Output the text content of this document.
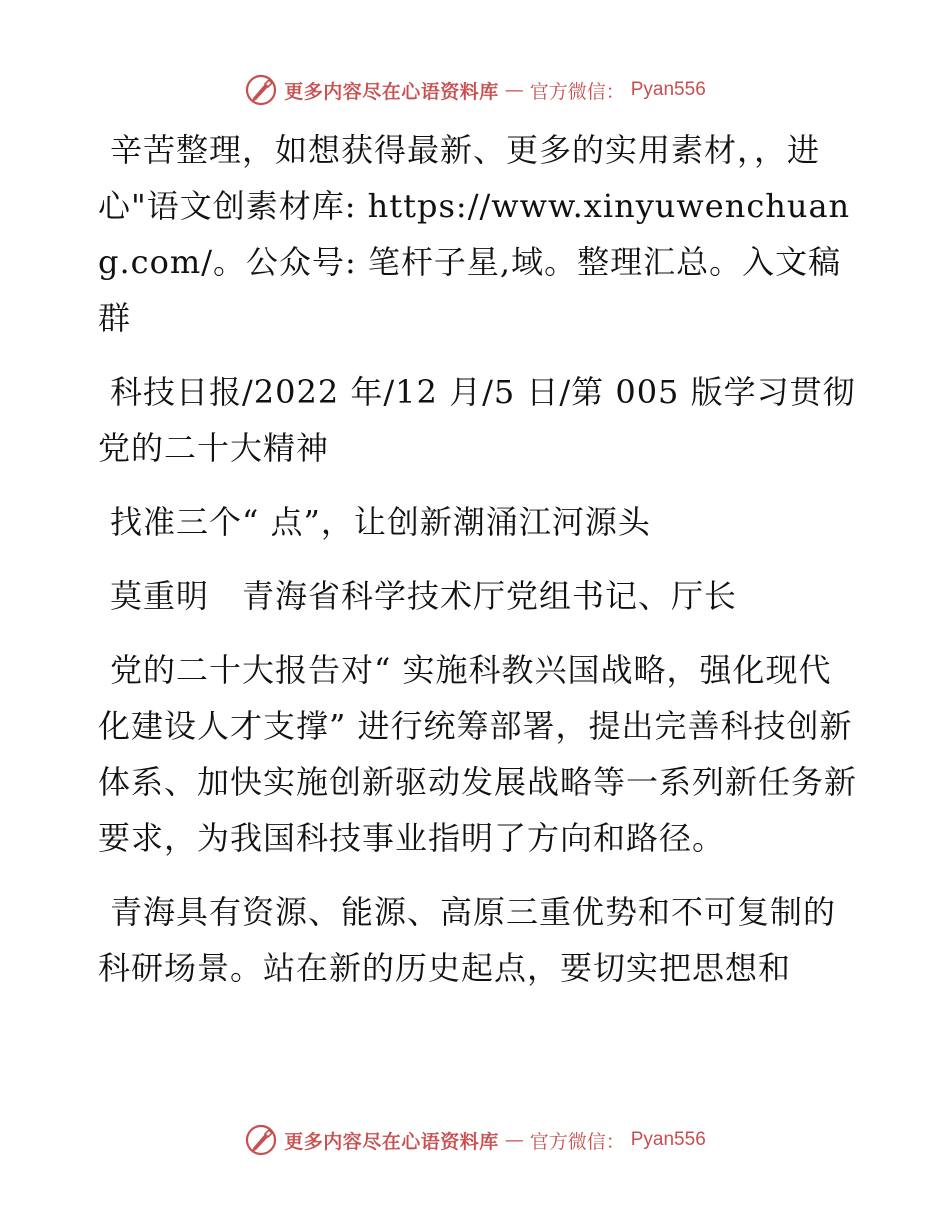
更多内容尽在心语资料库 — 官方微信： Pyan556

辛苦整理，如想获得最新、更多的实用素材，，进心"语文创素材库: https://www.xinyuwenchuang.com/。公众号: 笔杆子星,域。整理汇总。入文稿群

科技日报/2022 年/12 月/5 日/第 005 版学习贯彻党的二十大精神

找准三个“ 点”，让创新潮涌江河源头

莫重明　青海省科学技术厅党组书记、厅长

党的二十大报告对“ 实施科教兴国战略，强化现代化建设人才支撑” 进行统筹部署，提出完善科技创新体系、加快实施创新驱动发展战略等一系列新任务新要求，为我国科技事业指明了方向和路径。

青海具有资源、能源、高原三重优势和不可复制的科研场景。站在新的历史起点，要切实把思想和

更多内容尽在心语资料库 — 官方微信： Pyan556
